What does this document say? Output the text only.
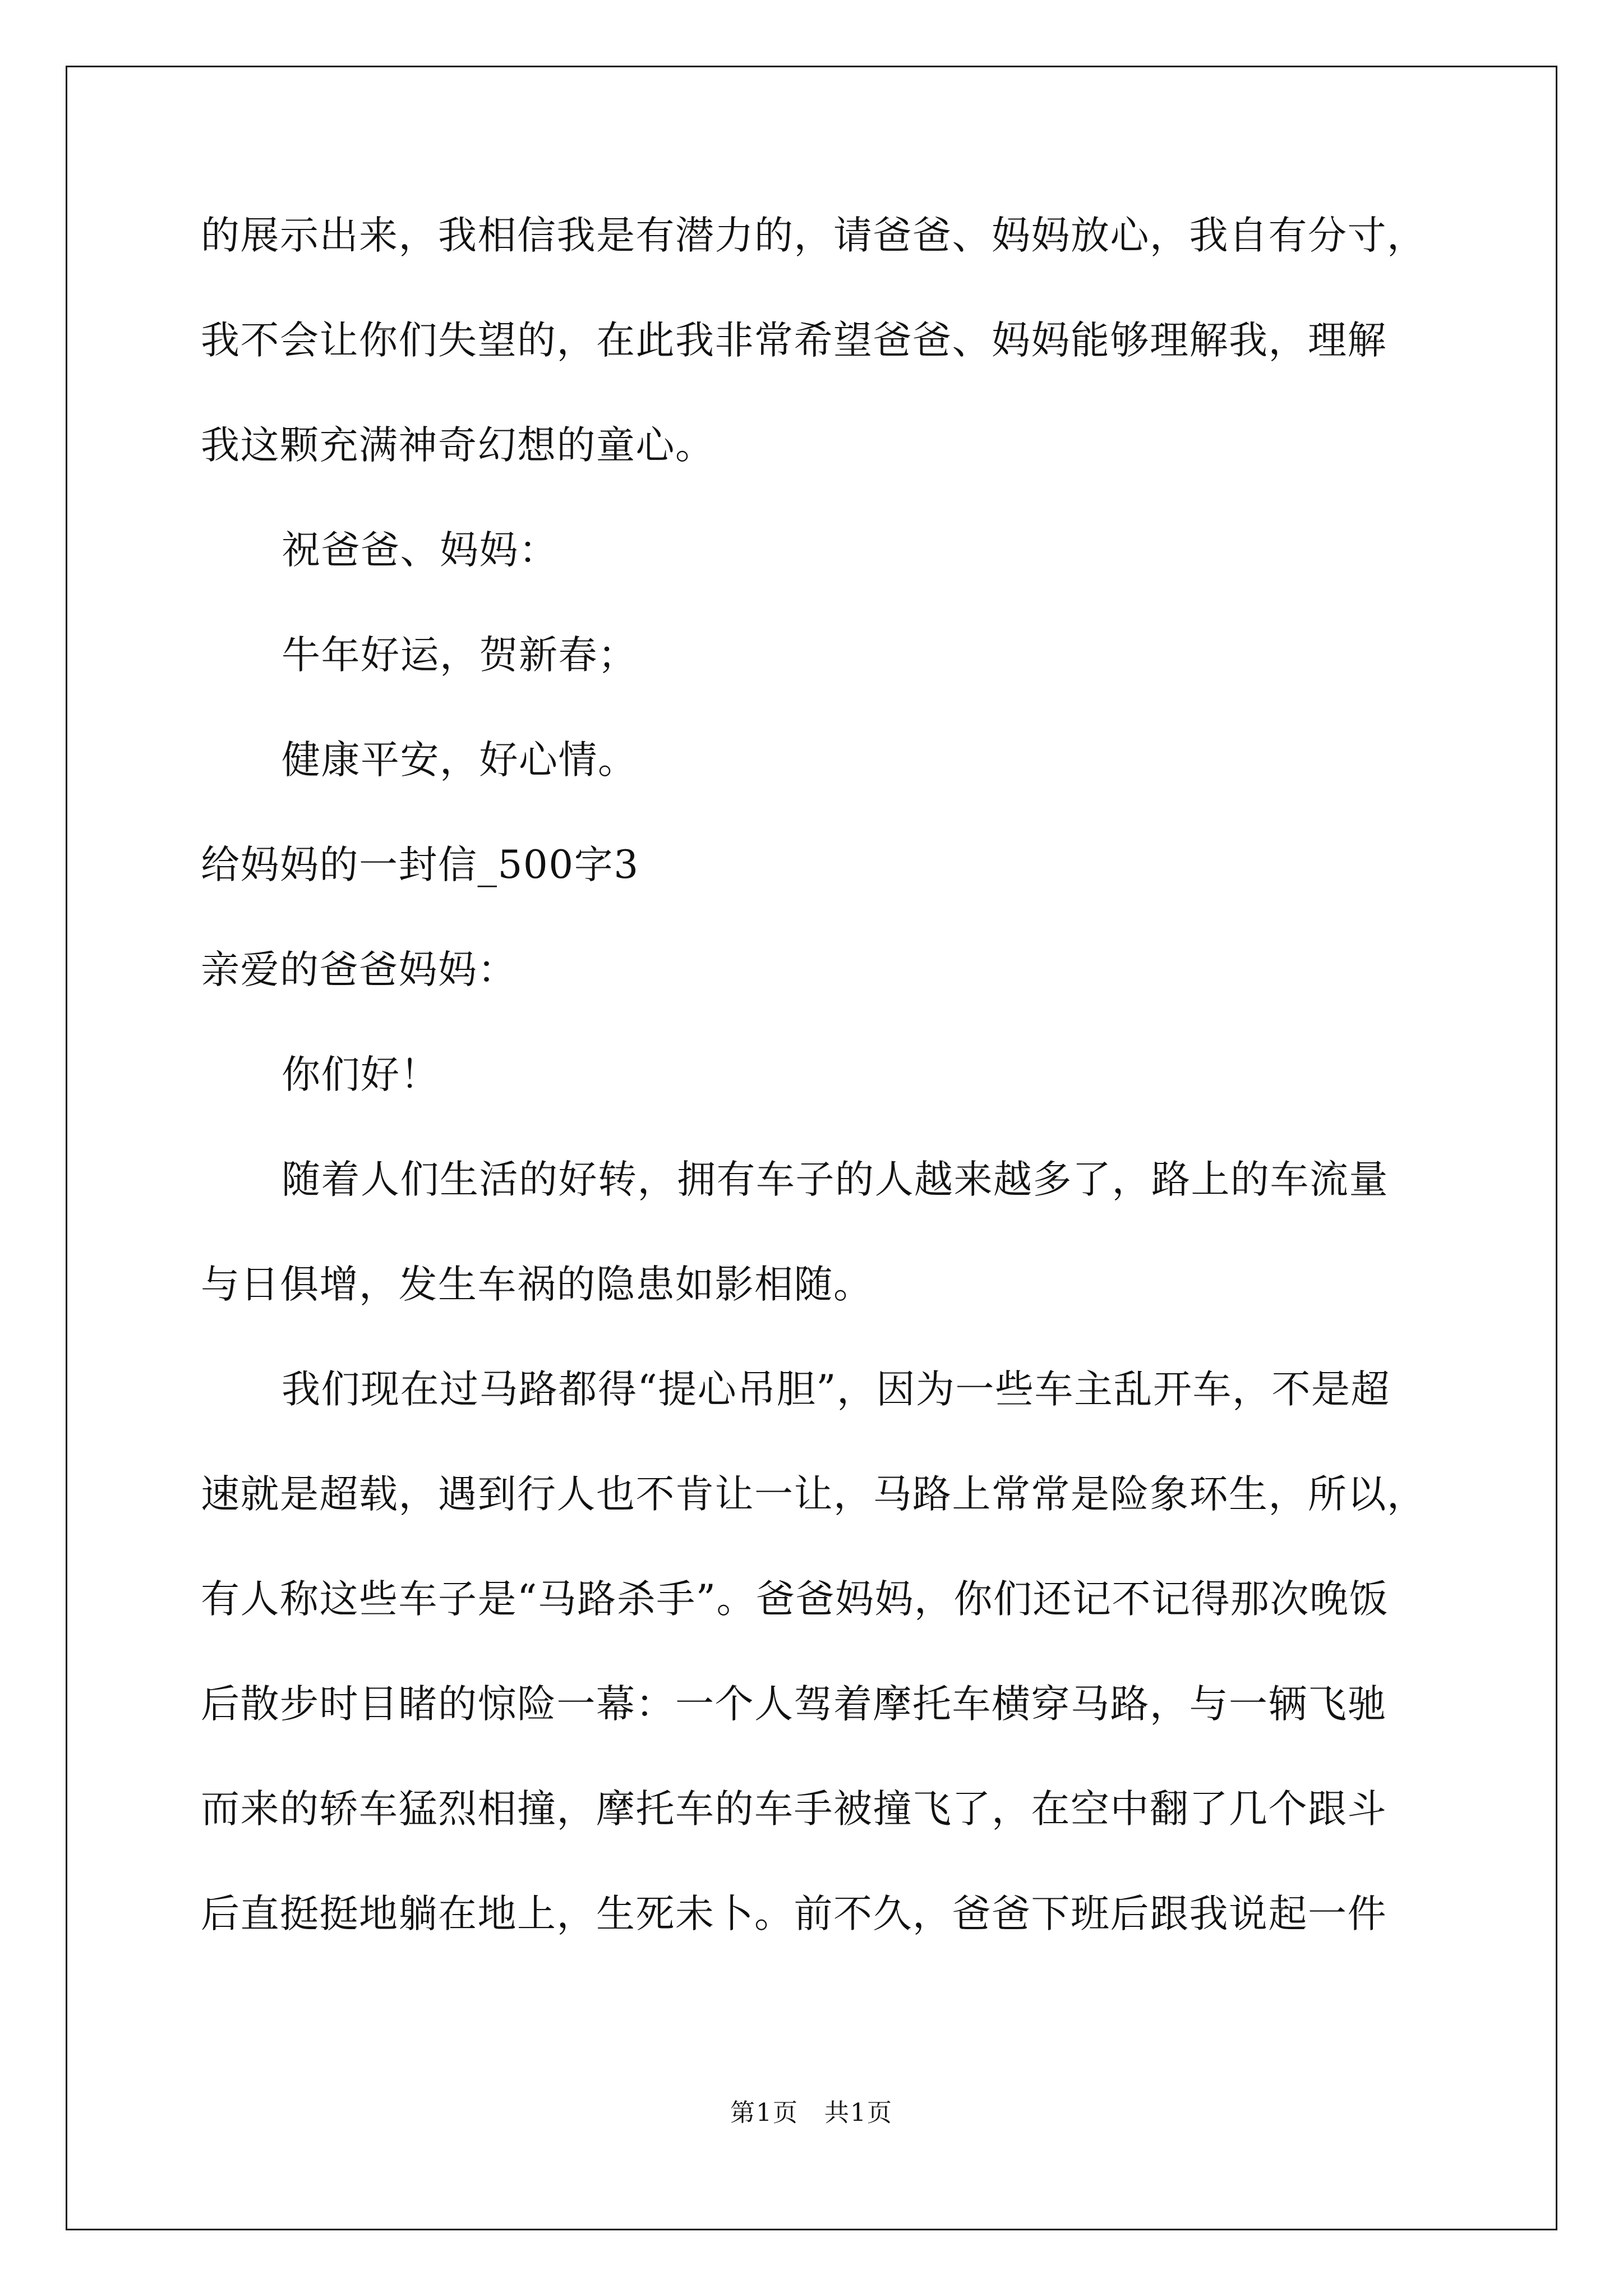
的展示出来，我相信我是有潜力的，请爸爸、妈妈放心，我自有分寸，
我不会让你们失望的，在此我非常希望爸爸、妈妈能够理解我，理解
我这颗充满神奇幻想的童心。
祝爸爸、妈妈：
牛年好运，贺新春；
健康平安，好心情。
给妈妈的一封信_500字3
亲爱的爸爸妈妈：
你们好！
随着人们生活的好转，拥有车子的人越来越多了，路上的车流量
与日俱增，发生车祸的隐患如影相随。
我们现在过马路都得“提心吊胆”，因为一些车主乱开车，不是超
速就是超载，遇到行人也不肯让一让，马路上常常是险象环生，所以，
有人称这些车子是“马路杀手”。爸爸妈妈，你们还记不记得那次晚饭
后散步时目睹的惊险一幕：一个人驾着摩托车横穿马路，与一辆飞驰
而来的轿车猛烈相撞，摩托车的车手被撞飞了，在空中翻了几个跟斗
后直挺挺地躺在地上，生死未卜。前不久，爸爸下班后跟我说起一件
第1页　共1页
